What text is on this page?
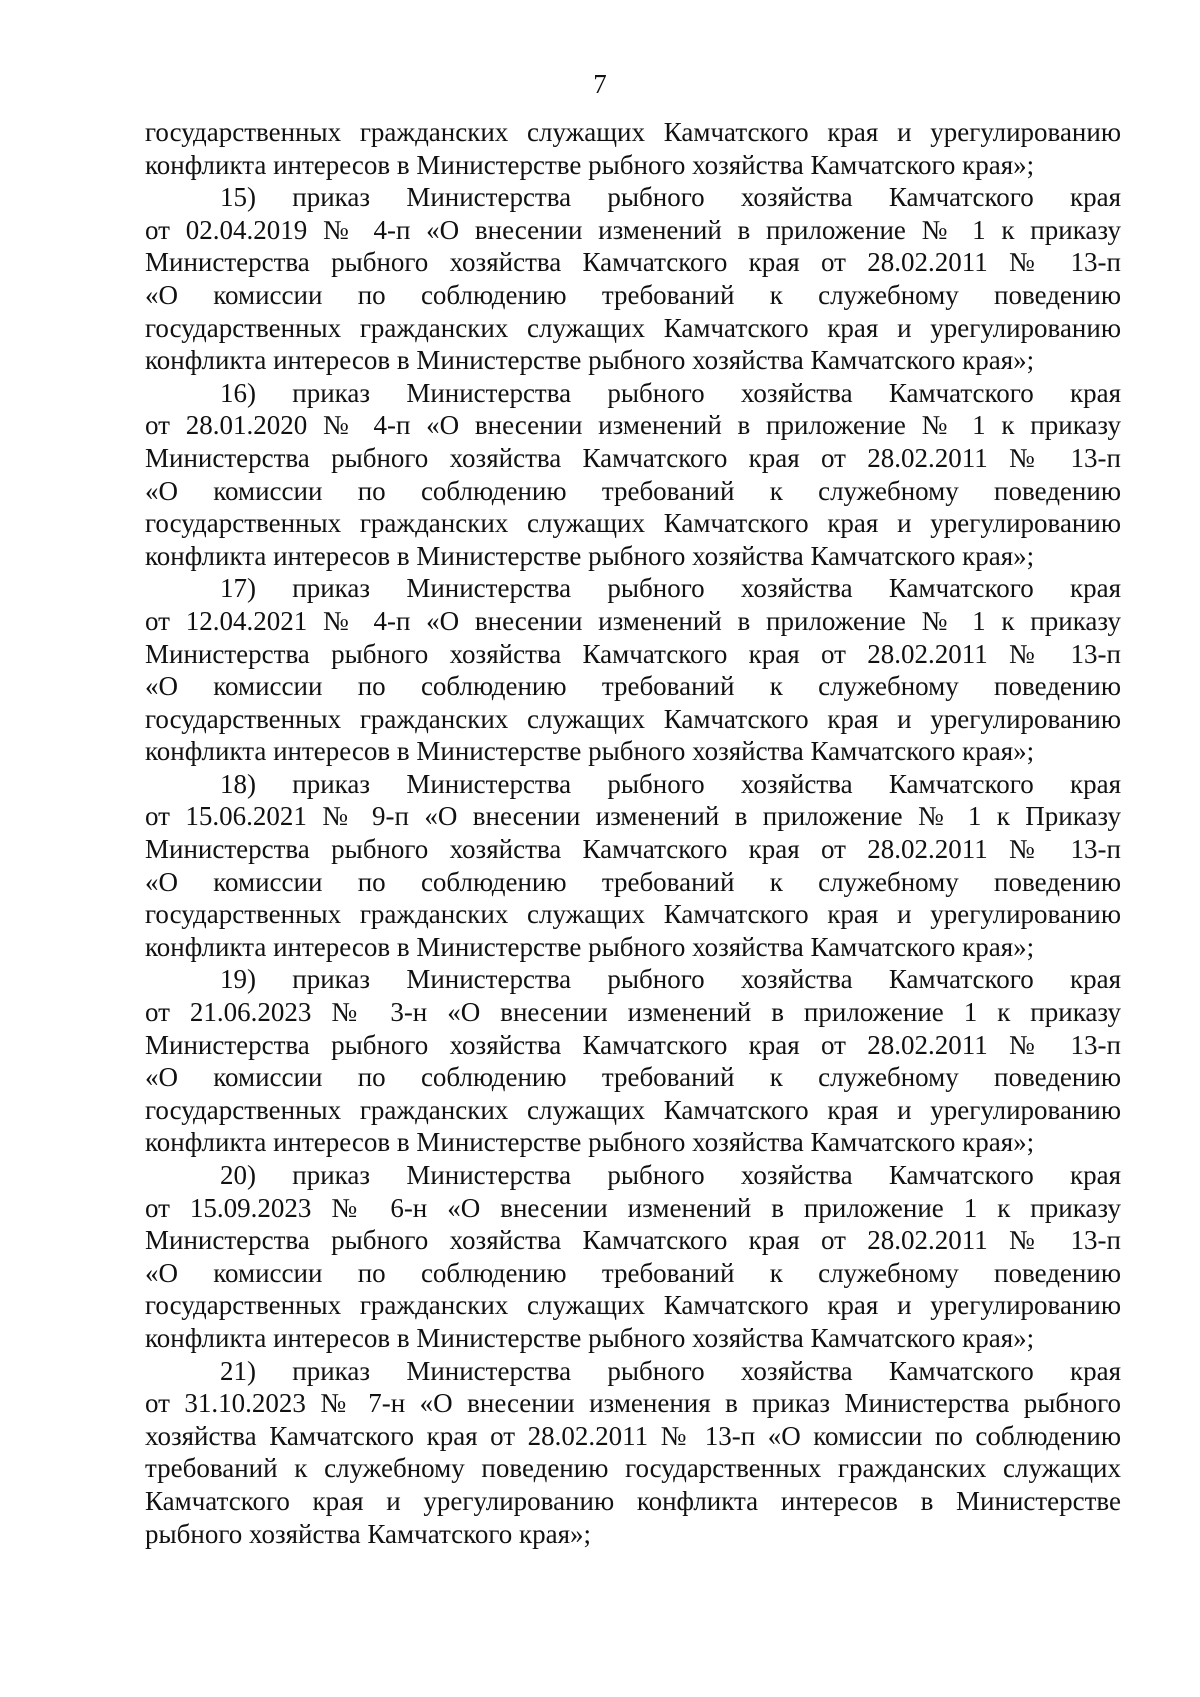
7
государственных гражданских служащих Камчатского края и урегулированию
конфликта интересов в Министерстве рыбного хозяйства Камчатского края»;
15) приказ Министерства рыбного хозяйства Камчатского края
от 02.04.2019 № 4-п «О внесении изменений в приложение № 1 к приказу
Министерства рыбного хозяйства Камчатского края от 28.02.2011 № 13-п
«О комиссии по соблюдению требований к служебному поведению
государственных гражданских служащих Камчатского края и урегулированию
конфликта интересов в Министерстве рыбного хозяйства Камчатского края»;
16) приказ Министерства рыбного хозяйства Камчатского края
от 28.01.2020 № 4-п «О внесении изменений в приложение № 1 к приказу
Министерства рыбного хозяйства Камчатского края от 28.02.2011 № 13-п
«О комиссии по соблюдению требований к служебному поведению
государственных гражданских служащих Камчатского края и урегулированию
конфликта интересов в Министерстве рыбного хозяйства Камчатского края»;
17) приказ Министерства рыбного хозяйства Камчатского края
от 12.04.2021 № 4-п «О внесении изменений в приложение № 1 к приказу
Министерства рыбного хозяйства Камчатского края от 28.02.2011 № 13-п
«О комиссии по соблюдению требований к служебному поведению
государственных гражданских служащих Камчатского края и урегулированию
конфликта интересов в Министерстве рыбного хозяйства Камчатского края»;
18) приказ Министерства рыбного хозяйства Камчатского края
от 15.06.2021 № 9-п «О внесении изменений в приложение № 1 к Приказу
Министерства рыбного хозяйства Камчатского края от 28.02.2011 № 13-п
«О комиссии по соблюдению требований к служебному поведению
государственных гражданских служащих Камчатского края и урегулированию
конфликта интересов в Министерстве рыбного хозяйства Камчатского края»;
19) приказ Министерства рыбного хозяйства Камчатского края
от 21.06.2023 № 3-н «О внесении изменений в приложение 1 к приказу
Министерства рыбного хозяйства Камчатского края от 28.02.2011 № 13-п
«О комиссии по соблюдению требований к служебному поведению
государственных гражданских служащих Камчатского края и урегулированию
конфликта интересов в Министерстве рыбного хозяйства Камчатского края»;
20) приказ Министерства рыбного хозяйства Камчатского края
от 15.09.2023 № 6-н «О внесении изменений в приложение 1 к приказу
Министерства рыбного хозяйства Камчатского края от 28.02.2011 № 13-п
«О комиссии по соблюдению требований к служебному поведению
государственных гражданских служащих Камчатского края и урегулированию
конфликта интересов в Министерстве рыбного хозяйства Камчатского края»;
21) приказ Министерства рыбного хозяйства Камчатского края
от 31.10.2023 № 7-н «О внесении изменения в приказ Министерства рыбного
хозяйства Камчатского края от 28.02.2011 № 13-п «О комиссии по соблюдению
требований к служебному поведению государственных гражданских служащих
Камчатского края и урегулированию конфликта интересов в Министерстве
рыбного хозяйства Камчатского края»;
